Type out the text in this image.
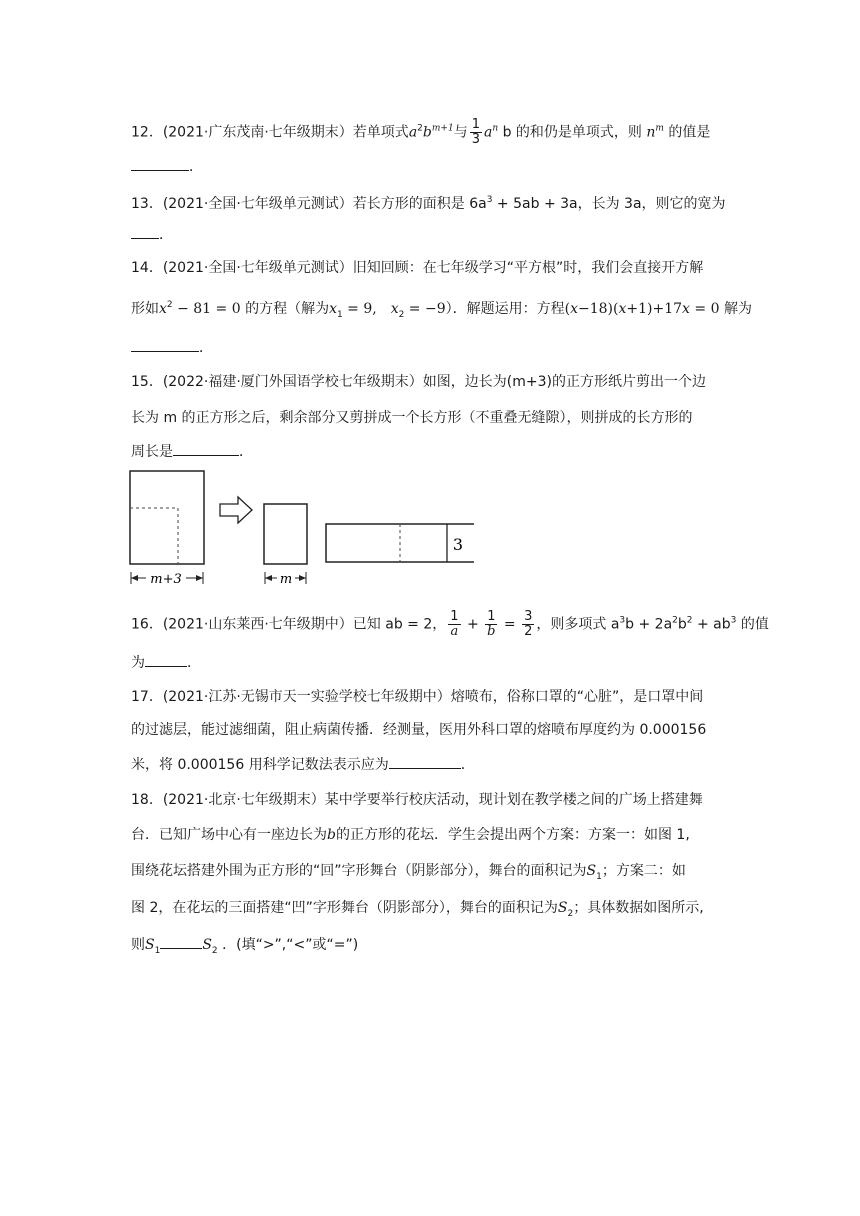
12．(2021·广东茂南·七年级期末）若单项式$a^2b^{m+1}$与 $\frac{1}{3} a^n$ b 的和仍是单项式，则 $n^m$ 的值是
．
13．(2021·全国·七年级单元测试）若长方形的面积是 $6a^3 + 5ab + 3a$，长为 3a，则它的宽为
．
14．(2021·全国·七年级单元测试）旧知回顾：在七年级学习“平方根”时，我们会直接开方解
形如$x^2 - 81 = 0$ 的方程（解为$x_1 = 9$,　$x_2 = -9$）．解题运用：方程(x−18)(x+1)+17x = 0 解为
．
15．(2022·福建·厦门外国语学校七年级期末）如图，边长为(m+3)的正方形纸片剪出一个边
长为 m 的正方形之后，剩余部分又剪拼成一个长方形（不重叠无缝隙），则拼成的长方形的
周长是	．
m+3	m
3
16．(2021·山东莱西·七年级期中）已知 ab = 2， $\frac{1}{a} + \frac{1}{b} = \frac{3}{2}$ ，则多项式 $a^3b + 2a^2b^2 + ab^3$ 的值
为	．
17．(2021·江苏·无锡市天一实验学校七年级期中）熔喷布，俗称口罩的“心脏”，是口罩中间
的过滤层，能过滤细菌，阻止病菌传播．经测量，医用外科口罩的熔喷布厚度约为 0.000156
米，将 0.000156 用科学记数法表示应为	．
18．(2021·北京·七年级期末）某中学要举行校庆活动，现计划在教学楼之间的广场上搭建舞
台．已知广场中心有一座边长为b的正方形的花坛．学生会提出两个方案：方案一：如图 1,
围绕花坛搭建外围为正方形的“回”字形舞台（阴影部分），舞台的面积记为$S_1$；方案二：如
图 2，在花坛的三面搭建“凹”字形舞台（阴影部分），舞台的面积记为$S_2$；具体数据如图所示,
则$S_1$	$S_2$ ．(填“>”,“<”或“=”)
